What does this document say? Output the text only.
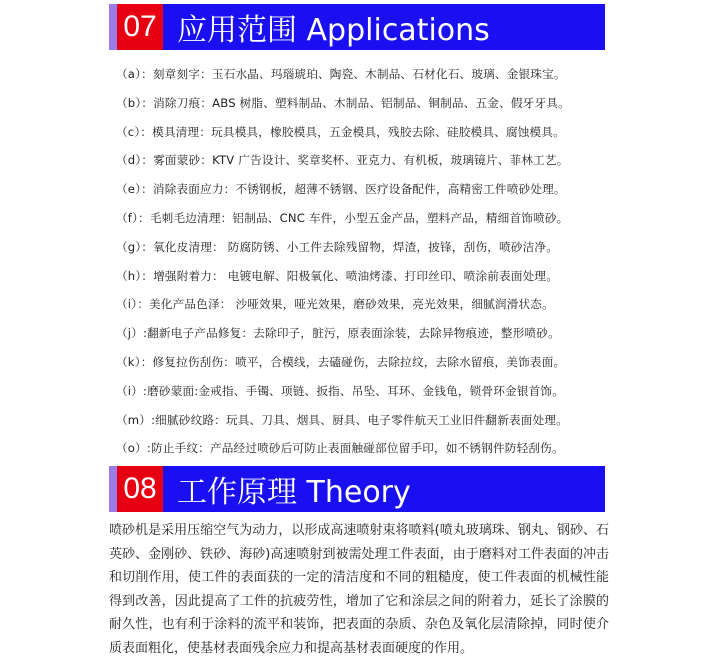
07 应用范围 Applications
（a）：刻章刻字：玉石水晶、玛瑙琥珀、陶瓷、木制品、石材化石、玻璃、金银珠宝。
（b）：消除刀痕：ABS 树脂、塑料制品、木制品、铝制品、铜制品、五金、假牙牙具。
（c）：模具清理：玩具模具，橡胶模具，五金模具，残胶去除、硅胶模具、腐蚀模具。
（d）：雾面蒙砂：KTV 广告设计、奖章奖杯、亚克力、有机板，玻璃镜片、菲林工艺。
（e）：消除表面应力：不锈钢板，超薄不锈钢、医疗设备配件，高精密工件喷砂处理。
（f）：毛刺毛边清理：铝制品、CNC 车件，小型五金产品，塑料产品，精细首饰喷砂。
（g）：氧化皮清理： 防腐防锈、小工件去除残留物，焊渣，披锋，刮伤，喷砂洁净。
（h）：增强附着力： 电镀电解、阳极氧化、喷油烤漆、打印丝印、喷涂前表面处理。
（i）：美化产品色泽： 沙哑效果，哑光效果，磨砂效果，亮光效果，细腻润滑状态。
（j）:翻新电子产品修复：去除印子，脏污，原表面涂装，去除异物痕迹，整形喷砂。
（k）：修复拉伤刮伤：喷平，合模线，去磕碰伤，去除拉纹，去除水留痕，美饰表面。
（i）:磨砂蒙面:金戒指、手镯、项链、扳指、吊坠、耳环、金钱龟，锁骨环金银首饰。
（m）:细腻砂纹路：玩具、刀具、烟具、厨具、电子零件航天工业旧件翻新表面处理。
（o）:防止手纹：产品经过喷砂后可防止表面触碰部位留手印，如不锈钢件防轻刮伤。
08 工作原理 Theory
喷砂机是采用压缩空气为动力，以形成高速喷射束将喷料(喷丸玻璃珠、钢丸、钢砂、石英砂、金刚砂、铁砂、海砂)高速喷射到被需处理工件表面，由于磨料对工件表面的冲击和切削作用，使工件的表面获的一定的清洁度和不同的粗糙度，使工件表面的机械性能得到改善，因此提高了工件的抗疲劳性，增加了它和涂层之间的附着力，延长了涂膜的耐久性，也有利于涂料的流平和装饰，把表面的杂质、杂色及氧化层清除掉，同时使介质表面粗化，使基材表面残余应力和提高基材表面硬度的作用。
